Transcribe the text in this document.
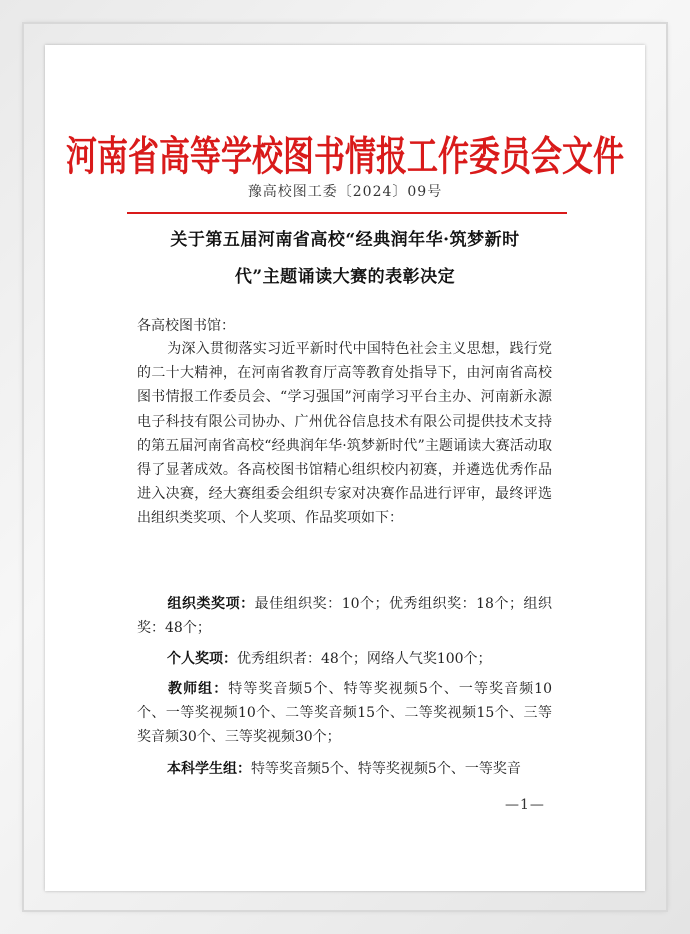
河南省高等学校图书情报工作委员会文件
豫高校图工委〔2024〕09号
关于第五届河南省高校“经典润年华·筑梦新时
代”主题诵读大赛的表彰决定
各高校图书馆：
为深入贯彻落实习近平新时代中国特色社会主义思想，践行党的二十大精神，在河南省教育厅高等教育处指导下，由河南省高校图书情报工作委员会、“学习强国”河南学习平台主办、河南新永源电子科技有限公司协办、广州优谷信息技术有限公司提供技术支持的第五届河南省高校“经典润年华·筑梦新时代”主题诵读大赛活动取得了显著成效。各高校图书馆精心组织校内初赛，并遴选优秀作品进入决赛，经大赛组委会组织专家对决赛作品进行评审，最终评选出组织类奖项、个人奖项、作品奖项如下：
组织类奖项：最佳组织奖：10个；优秀组织奖：18个；组织奖：48个；
个人奖项：优秀组织者：48个；网络人气奖100个；
教师组：特等奖音频5个、特等奖视频5个、一等奖音频10个、一等奖视频10个、二等奖音频15个、二等奖视频15个、三等奖音频30个、三等奖视频30个；
本科学生组：特等奖音频5个、特等奖视频5个、一等奖音
—1—
